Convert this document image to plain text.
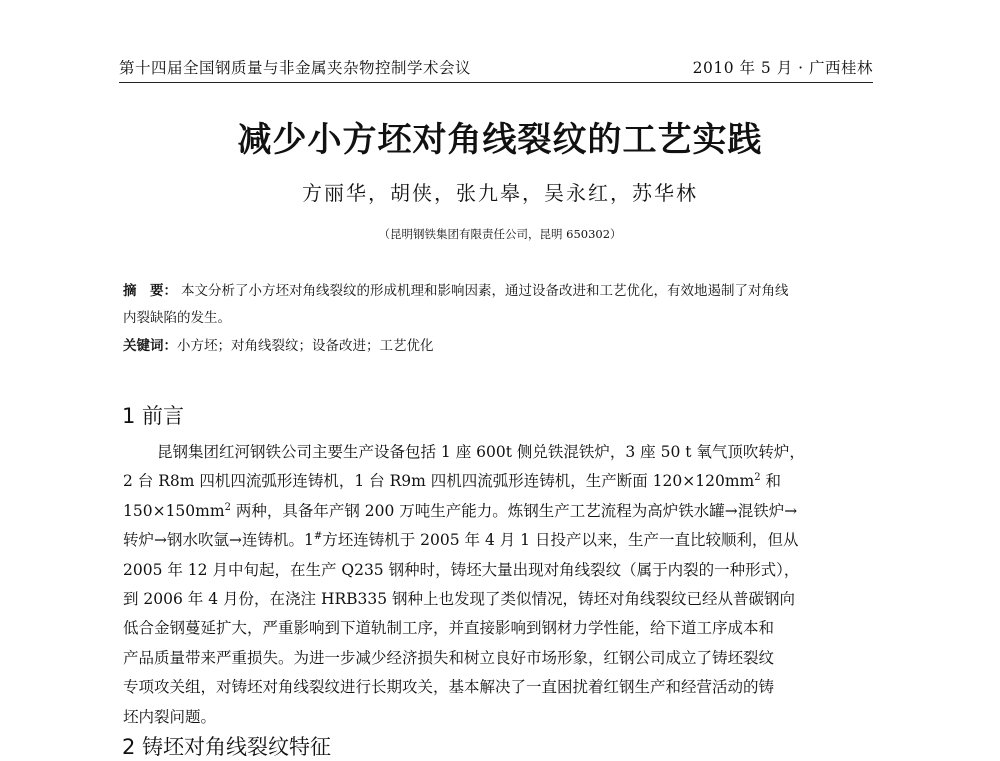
第十四届全国钢质量与非金属夹杂物控制学术会议	2010 年 5 月 · 广西桂林
减少小方坯对角线裂纹的工艺实践
方丽华，胡侠，张九皋，吴永红，苏华林
（昆明钢铁集团有限责任公司，昆明 650302）
摘　要： 本文分析了小方坯对角线裂纹的形成机理和影响因素，通过设备改进和工艺优化，有效地遏制了对角线
内裂缺陷的发生。
关键词：小方坯；对角线裂纹；设备改进；工艺优化
1 前言
昆钢集团红河钢铁公司主要生产设备包括 1 座 600t 侧兑铁混铁炉，3 座 50 t 氧气顶吹转炉，
2 台 R8m 四机四流弧形连铸机，1 台 R9m 四机四流弧形连铸机，生产断面 $120\times 120mm^2$ 和
$150\times 150mm^2$ 两种，具备年产钢 200 万吨生产能力。炼钢生产工艺流程为高炉铁水罐→混铁炉→
转炉→钢水吹氩→连铸机。1#方坯连铸机于 2005 年 4 月 1 日投产以来，生产一直比较顺利，但从
2005 年 12 月中旬起，在生产 Q235 钢种时，铸坯大量出现对角线裂纹（属于内裂的一种形式），
到 2006 年 4 月份，在浇注 HRB335 钢种上也发现了类似情况，铸坯对角线裂纹已经从普碳钢向
低合金钢蔓延扩大，严重影响到下道轨制工序，并直接影响到钢材力学性能，给下道工序成本和
产品质量带来严重损失。为进一步减少经济损失和树立良好市场形象，红钢公司成立了铸坯裂纹
专项攻关组，对铸坯对角线裂纹进行长期攻关，基本解决了一直困扰着红钢生产和经营活动的铸
坯内裂问题。
2 铸坯对角线裂纹特征
